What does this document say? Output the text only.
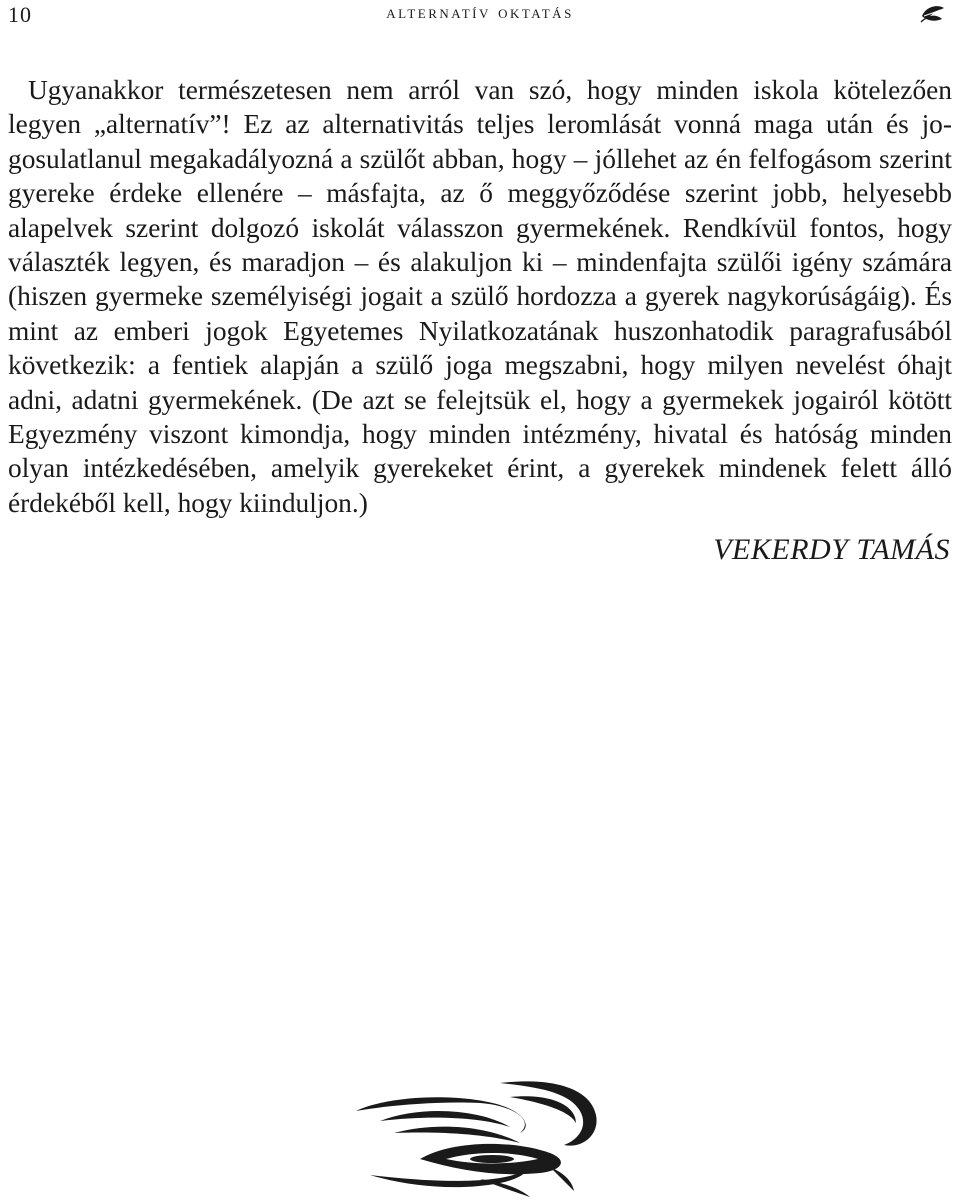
10	alternatív oktatás

Ugyanakkor természetesen nem arról van szó, hogy minden iskola kötelezően legyen „alternatív”! Ez az alternativitás teljes leromlását vonná maga után és jogosulatlanul megakadályozná a szülőt abban, hogy – jóllehet az én felfogásom szerint gyereke érdeke ellenére – másfajta, az ő meggyőződése szerint jobb, helyesebb alapelvek szerint dolgozó iskolát válasszon gyermekének. Rendkívül fontos, hogy választék legyen, és maradjon – és alakuljon ki – mindenfajta szülői igény számára (hiszen gyermeke személyiségi jogait a szülő hordozza a gyerek nagykorúságáig). És mint az emberi jogok Egyetemes Nyilatkozatának huszonhatodik paragrafusából következik: a fentiek alapján a szülő joga megszabni, hogy milyen nevelést óhajt adni, adatni gyermekének. (De azt se felejtsük el, hogy a gyermekek jogairól kötött Egyezmény viszont kimondja, hogy minden intézmény, hivatal és hatóság minden olyan intézkedésében, amelyik gyerekeket érint, a gyerekek mindenek felett álló érdekéből kell, hogy kiinduljon.)

VEKERDY TAMÁS
